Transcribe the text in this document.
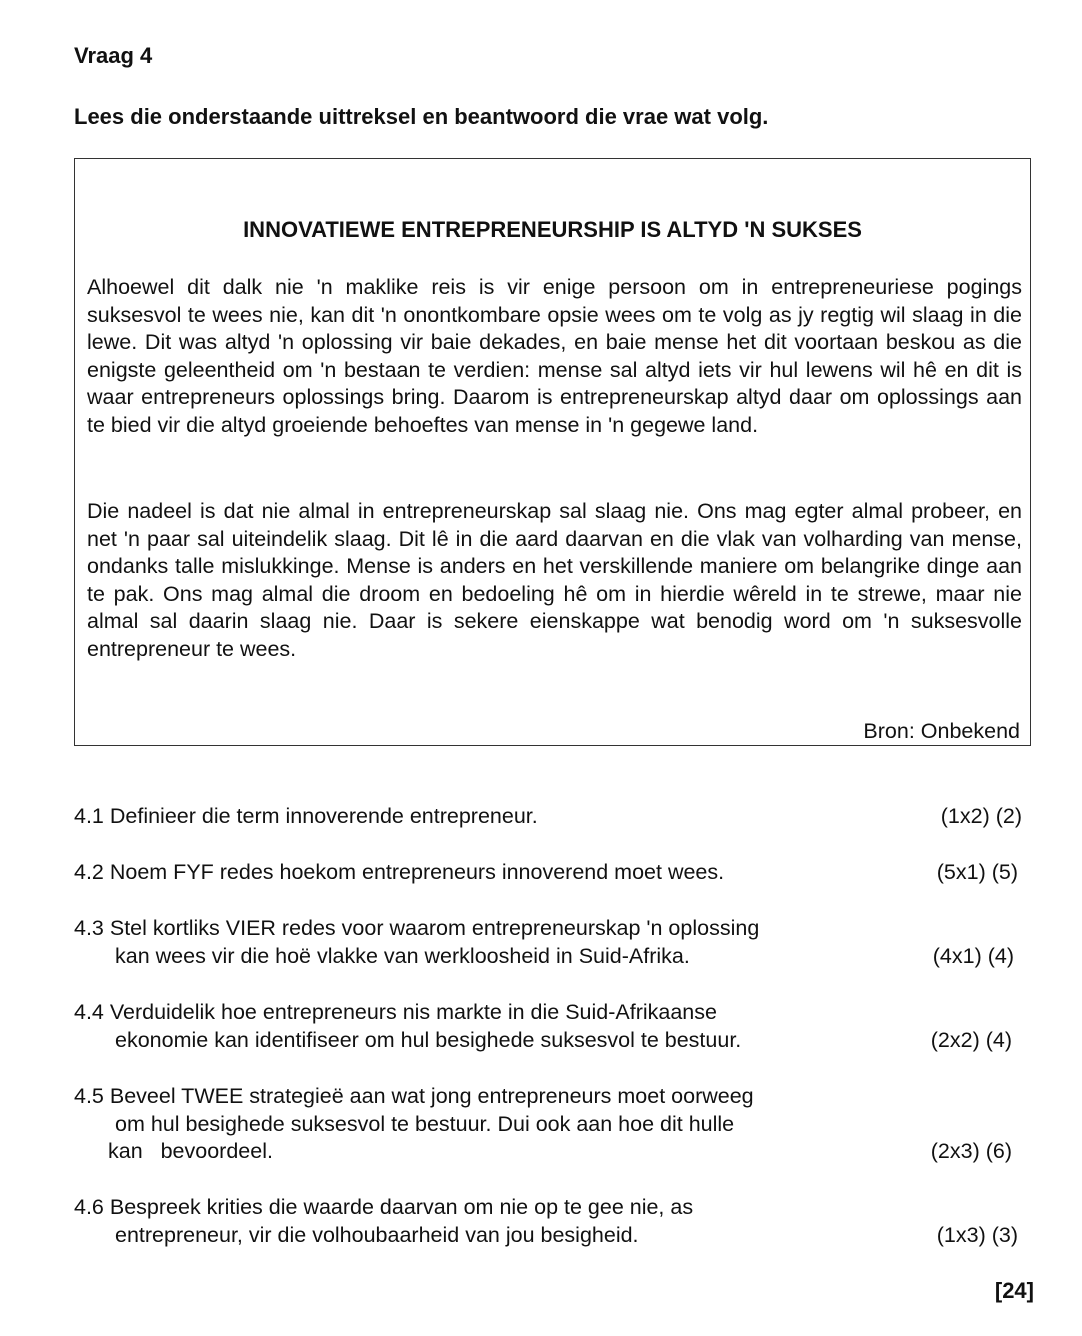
Vraag 4

Lees die onderstaande uittreksel en beantwoord die vrae wat volg.

INNOVATIEWE ENTREPRENEURSHIP IS ALTYD 'N SUKSES

Alhoewel dit dalk nie 'n maklike reis is vir enige persoon om in entrepreneuriese pogings suksesvol te wees nie, kan dit 'n onontkombare opsie wees om te volg as jy regtig wil slaag in die lewe. Dit was altyd 'n oplossing vir baie dekades, en baie mense het dit voortaan beskou as die enigste geleentheid om 'n bestaan te verdien: mense sal altyd iets vir hul lewens wil hê en dit is waar entrepreneurs oplossings bring. Daarom is entrepreneurskap altyd daar om oplossings aan te bied vir die altyd groeiende behoeftes van mense in 'n gegewe land.

Die nadeel is dat nie almal in entrepreneurskap sal slaag nie. Ons mag egter almal probeer, en net 'n paar sal uiteindelik slaag. Dit lê in die aard daarvan en die vlak van volharding van mense, ondanks talle mislukkinge. Mense is anders en het verskillende maniere om belangrike dinge aan te pak. Ons mag almal die droom en bedoeling hê om in hierdie wêreld in te strewe, maar nie almal sal daarin slaag nie. Daar is sekere eienskappe wat benodig word om 'n suksesvolle entrepreneur te wees.

Bron: Onbekend
4.1 Definieer die term innoverende entrepreneur.	(1x2) (2)
4.2 Noem FYF redes hoekom entrepreneurs innoverend moet wees.	(5x1) (5)
4.3 Stel kortliks VIER redes voor waarom entrepreneurskap 'n oplossing
kan wees vir die hoë vlakke van werkloosheid in Suid-Afrika.	(4x1) (4)
4.4 Verduidelik hoe entrepreneurs nis markte in die Suid-Afrikaanse
ekonomie kan identifiseer om hul besighede suksesvol te bestuur.	(2x2) (4)
4.5 Beveel TWEE strategieë aan wat jong entrepreneurs moet oorweeg
om hul besighede suksesvol te bestuur. Dui ook aan hoe dit hulle
kan   bevoordeel.	(2x3) (6)
4.6 Bespreek krities die waarde daarvan om nie op te gee nie, as
entrepreneur, vir die volhoubaarheid van jou besigheid.	(1x3) (3)
[24]
